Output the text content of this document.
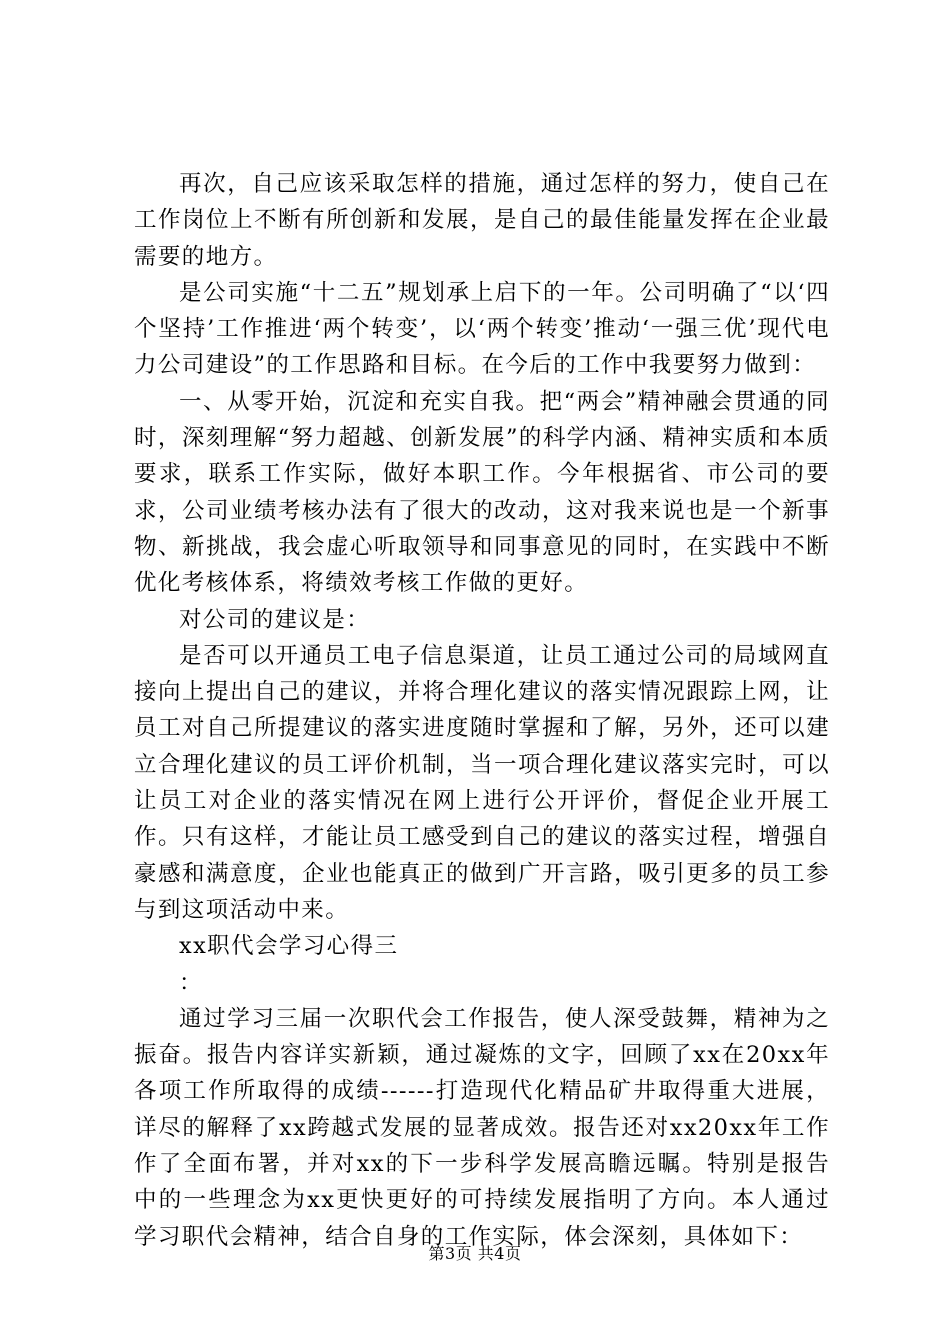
再次，自己应该采取怎样的措施，通过怎样的努力，使自己在工作岗位上不断有所创新和发展，是自己的最佳能量发挥在企业最需要的地方。

是公司实施“十二五”规划承上启下的一年。公司明确了“以‘四个坚持’工作推进‘两个转变’，以‘两个转变’推动‘一强三优’现代电力公司建设”的工作思路和目标。在今后的工作中我要努力做到：

一、从零开始，沉淀和充实自我。把“两会”精神融会贯通的同时，深刻理解“努力超越、创新发展”的科学内涵、精神实质和本质要求，联系工作实际，做好本职工作。今年根据省、市公司的要求，公司业绩考核办法有了很大的改动，这对我来说也是一个新事物、新挑战，我会虚心听取领导和同事意见的同时，在实践中不断优化考核体系，将绩效考核工作做的更好。

对公司的建议是：

是否可以开通员工电子信息渠道，让员工通过公司的局域网直接向上提出自己的建议，并将合理化建议的落实情况跟踪上网，让员工对自己所提建议的落实进度随时掌握和了解，另外，还可以建立合理化建议的员工评价机制，当一项合理化建议落实完时，可以让员工对企业的落实情况在网上进行公开评价，督促企业开展工作。只有这样，才能让员工感受到自己的建议的落实过程，增强自豪感和满意度，企业也能真正的做到广开言路，吸引更多的员工参与到这项活动中来。

xx职代会学习心得三

：

通过学习三届一次职代会工作报告，使人深受鼓舞，精神为之振奋。报告内容详实新颖，通过凝炼的文字，回顾了xx在20xx年各项工作所取得的成绩------打造现代化精品矿井取得重大进展，详尽的解释了xx跨越式发展的显著成效。报告还对xx20xx年工作作了全面布署，并对xx的下一步科学发展高瞻远瞩。特别是报告中的一些理念为xx更快更好的可持续发展指明了方向。本人通过学习职代会精神，结合自身的工作实际，体会深刻，具体如下：

第3页 共4页
